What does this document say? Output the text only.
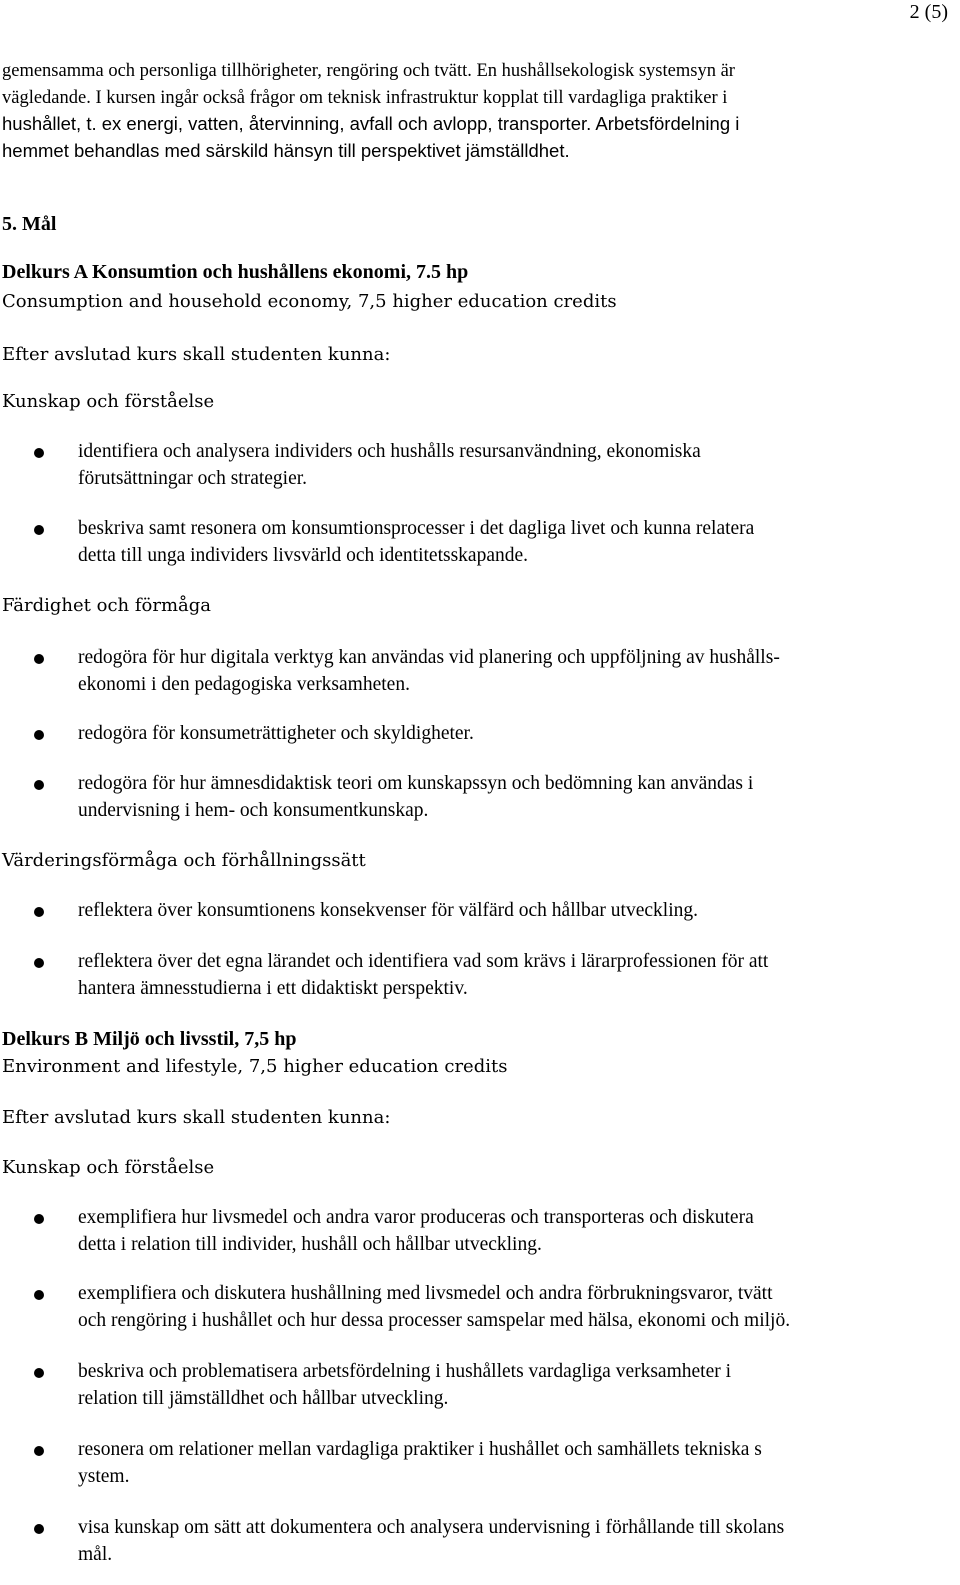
2 (5)

gemensamma och personliga tillhörigheter, rengöring och tvätt. En hushållsekologisk systemsyn är

vägledande. I kursen ingår också frågor om teknisk infrastruktur kopplat till vardagliga praktiker i

hushållet, t. ex energi, vatten, återvinning, avfall och avlopp, transporter. Arbetsfördelning i

hemmet behandlas med särskild hänsyn till perspektivet jämställdhet.

5. Mål
Delkurs A Konsumtion och hushållens ekonomi, 7.5 hp
Consumption and household economy, 7,5 higher education credits
Efter avslutad kurs skall studenten kunna:
Kunskap och förståelse
identifiera och analysera individers och hushålls resursanvändning, ekonomiska
förutsättningar och strategier.
beskriva samt resonera om konsumtionsprocesser i det dagliga livet och kunna relatera
detta till unga individers livsvärld och identitetsskapande.
Färdighet och förmåga
redogöra för hur digitala verktyg kan användas vid planering och uppföljning av hushålls-
ekonomi i den pedagogiska verksamheten.
redogöra för konsumeträttigheter och skyldigheter.
redogöra för hur ämnesdidaktisk teori om kunskapssyn och bedömning kan användas i
undervisning i hem- och konsumentkunskap.
Värderingsförmåga och förhållningssätt
reflektera över konsumtionens konsekvenser för välfärd och hållbar utveckling.
reflektera över det egna lärandet och identifiera vad som krävs i lärarprofessionen för att
hantera ämnesstudierna i ett didaktiskt perspektiv.
Delkurs B Miljö och livsstil, 7,5 hp
Environment and lifestyle, 7,5 higher education credits
Efter avslutad kurs skall studenten kunna:
Kunskap och förståelse
exemplifiera hur livsmedel och andra varor produceras och transporteras och diskutera
detta i relation till individer, hushåll och hållbar utveckling.
exemplifiera och diskutera hushållning med livsmedel och andra förbrukningsvaror, tvätt
och rengöring i hushållet och hur dessa processer samspelar med hälsa, ekonomi och miljö.
beskriva och problematisera arbetsfördelning i hushållets vardagliga verksamheter i
relation till jämställdhet och hållbar utveckling.
resonera om relationer mellan vardagliga praktiker i hushållet och samhällets tekniska s
ystem.
visa kunskap om sätt att dokumentera och analysera undervisning i förhållande till skolans
mål.
